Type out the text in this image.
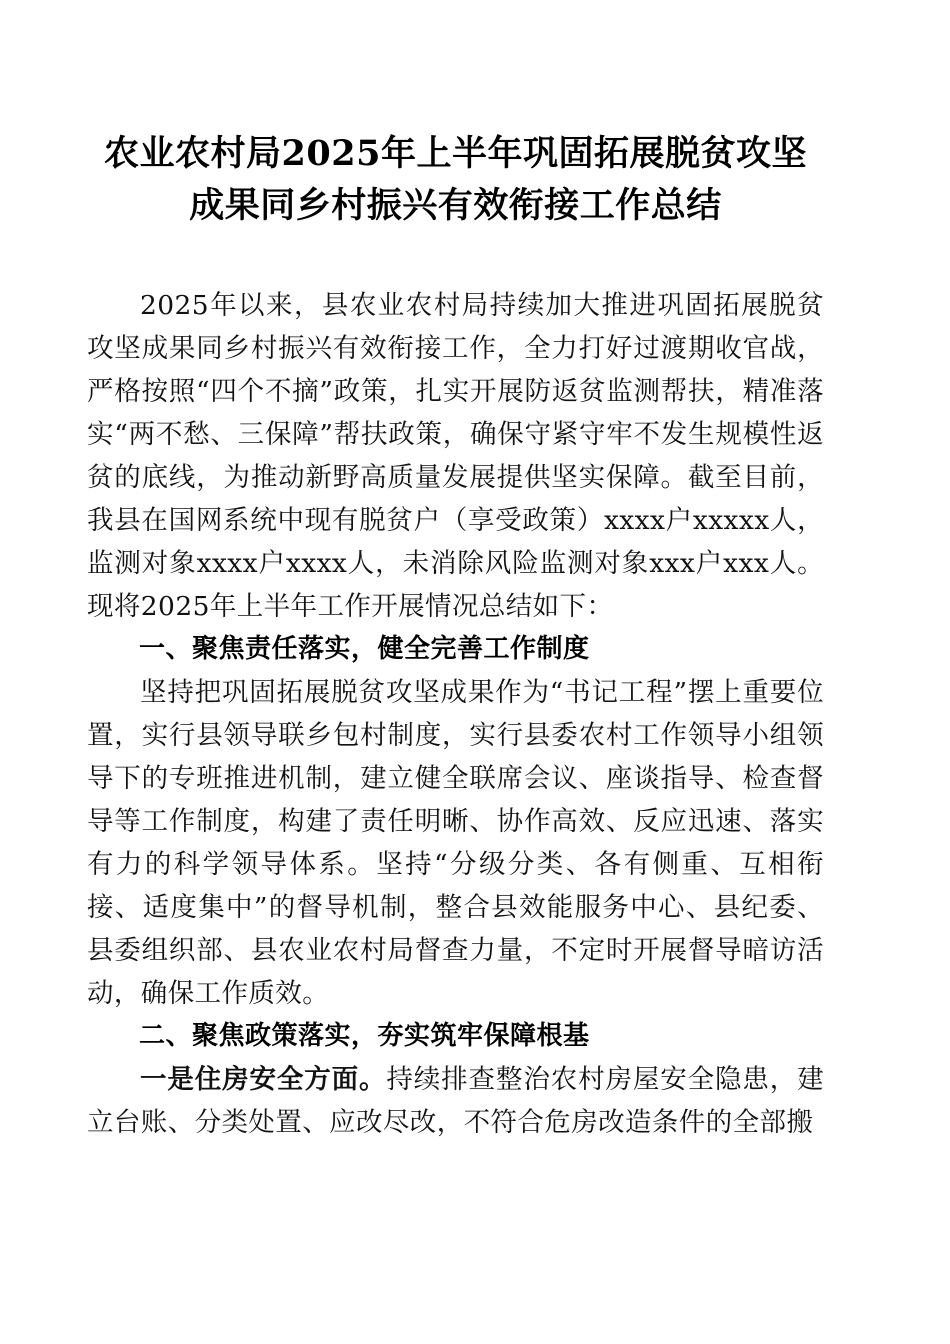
农业农村局2025年上半年巩固拓展脱贫攻坚
成果同乡村振兴有效衔接工作总结

2025年以来，县农业农村局持续加大推进巩固拓展脱贫攻坚成果同乡村振兴有效衔接工作，全力打好过渡期收官战，严格按照“四个不摘”政策，扎实开展防返贫监测帮扶，精准落实“两不愁、三保障”帮扶政策，确保守紧守牢不发生规模性返贫的底线，为推动新野高质量发展提供坚实保障。截至目前，我县在国网系统中现有脱贫户（享受政策）xxxx户xxxxx人，监测对象xxxx户xxxx人，未消除风险监测对象xxx户xxx人。现将2025年上半年工作开展情况总结如下：

一、聚焦责任落实，健全完善工作制度

坚持把巩固拓展脱贫攻坚成果作为“书记工程”摆上重要位置，实行县领导联乡包村制度，实行县委农村工作领导小组领导下的专班推进机制，建立健全联席会议、座谈指导、检查督导等工作制度，构建了责任明晰、协作高效、反应迅速、落实有力的科学领导体系。坚持“分级分类、各有侧重、互相衔接、适度集中”的督导机制，整合县效能服务中心、县纪委、县委组织部、县农业农村局督查力量，不定时开展督导暗访活动，确保工作质效。

二、聚焦政策落实，夯实筑牢保障根基

一是住房安全方面。持续排查整治农村房屋安全隐患，建立台账、分类处置、应改尽改，不符合危房改造条件的全部搬
